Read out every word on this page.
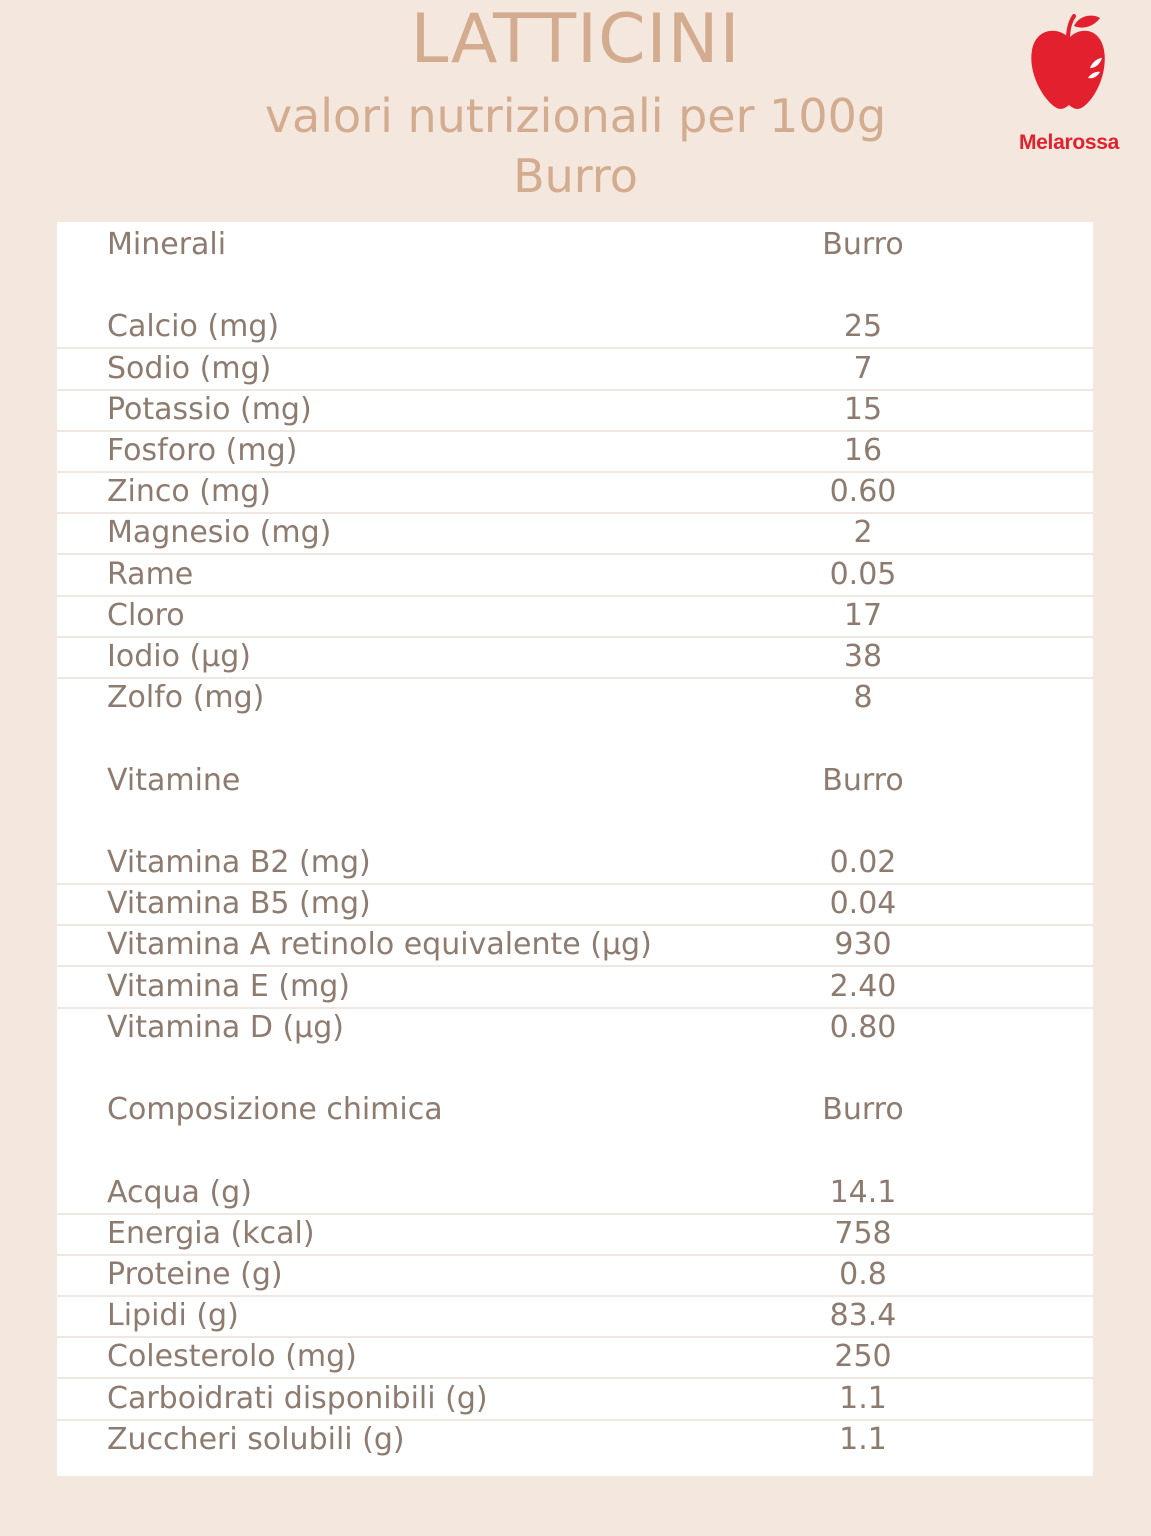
LATTICINI
valori nutrizionali per 100g
Burro
Melarossa
Minerali	Burro
Calcio (mg)	25
Sodio (mg)	7
Potassio (mg)	15
Fosforo (mg)	16
Zinco (mg)	0.60
Magnesio (mg)	2
Rame	0.05
Cloro	17
Iodio (µg)	38
Zolfo (mg)	8
Vitamine	Burro
Vitamina B2 (mg)	0.02
Vitamina B5 (mg)	0.04
Vitamina A retinolo equivalente (µg)	930
Vitamina E (mg)	2.40
Vitamina D (µg)	0.80
Composizione chimica	Burro
Acqua (g)	14.1
Energia (kcal)	758
Proteine (g)	0.8
Lipidi (g)	83.4
Colesterolo (mg)	250
Carboidrati disponibili (g)	1.1
Zuccheri solubili (g)	1.1
